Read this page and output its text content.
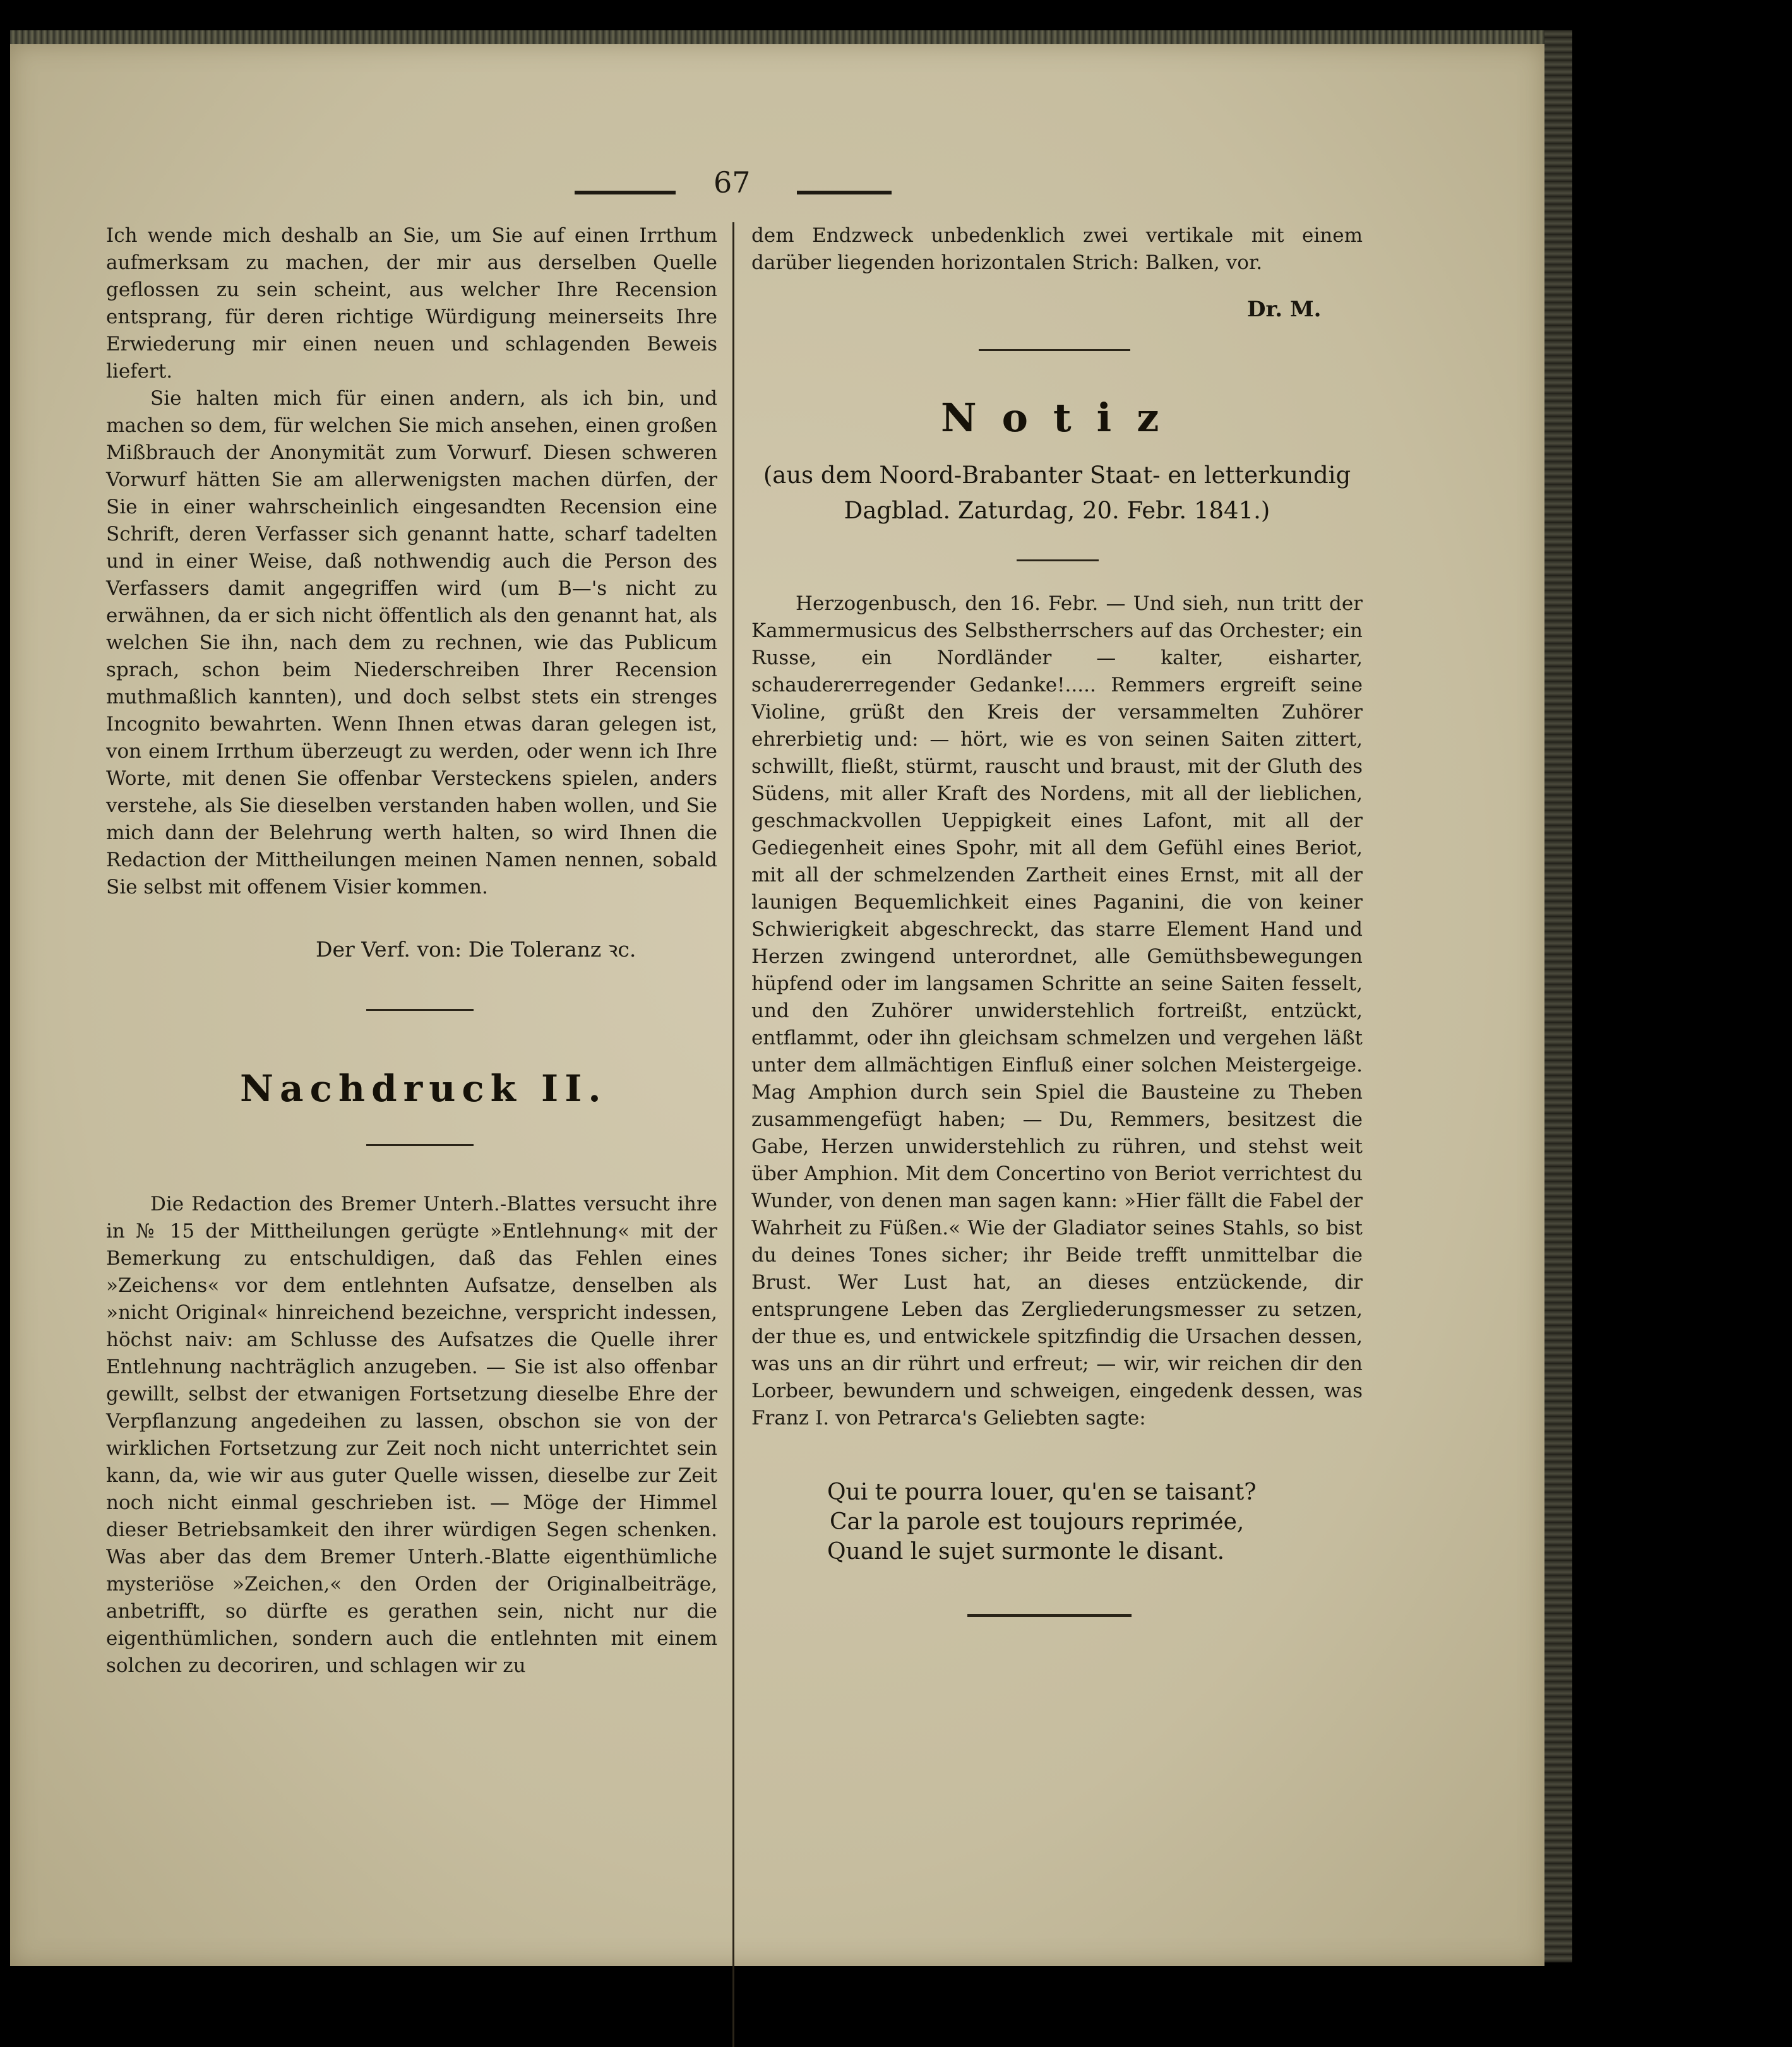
67

Ich wende mich deshalb an Sie, um Sie auf einen Irrthum aufmerksam zu machen, der mir aus derselben Quelle geflossen zu sein scheint, aus welcher Ihre Recension entsprang, für deren richtige Würdigung meinerseits Ihre Erwiederung mir einen neuen und schlagenden Beweis liefert.

Sie halten mich für einen andern, als ich bin, und machen so dem, für welchen Sie mich ansehen, einen großen Mißbrauch der Anonymität zum Vorwurf. Diesen schweren Vorwurf hätten Sie am allerwenigsten machen dürfen, der Sie in einer wahrscheinlich eingesandten Recension eine Schrift, deren Verfasser sich genannt hatte, scharf tadelten und in einer Weise, daß nothwendig auch die Person des Verfassers damit angegriffen wird (um B—'s nicht zu erwähnen, da er sich nicht öffentlich als den genannt hat, als welchen Sie ihn, nach dem zu rechnen, wie das Publicum sprach, schon beim Niederschreiben Ihrer Recension muthmaßlich kannten), und doch selbst stets ein strenges Incognito bewahrten. Wenn Ihnen etwas daran gelegen ist, von einem Irrthum überzeugt zu werden, oder wenn ich Ihre Worte, mit denen Sie offenbar Versteckens spielen, anders verstehe, als Sie dieselben verstanden haben wollen, und Sie mich dann der Belehrung werth halten, so wird Ihnen die Redaction der Mittheilungen meinen Namen nennen, sobald Sie selbst mit offenem Visier kommen.

Der Verf. von: Die Toleranz ꝛc.
Nachdruck II.

Die Redaction des Bremer Unterh.-Blattes versucht ihre in № 15 der Mittheilungen gerügte »Entlehnung« mit der Bemerkung zu entschuldigen, daß das Fehlen eines »Zeichens« vor dem entlehnten Aufsatze, denselben als »nicht Original« hinreichend bezeichne, verspricht indessen, höchst naiv: am Schlusse des Aufsatzes die Quelle ihrer Entlehnung nachträglich anzugeben. — Sie ist also offenbar gewillt, selbst der etwanigen Fortsetzung dieselbe Ehre der Verpflanzung angedeihen zu lassen, obschon sie von der wirklichen Fortsetzung zur Zeit noch nicht unterrichtet sein kann, da, wie wir aus guter Quelle wissen, dieselbe zur Zeit noch nicht einmal geschrieben ist. — Möge der Himmel dieser Betriebsamkeit den ihrer würdigen Segen schenken. Was aber das dem Bremer Unterh.-Blatte eigenthümliche mysteriöse »Zeichen,« den Orden der Originalbeiträge, anbetrifft, so dürfte es gerathen sein, nicht nur die eigenthümlichen, sondern auch die entlehnten mit einem solchen zu decoriren, und schlagen wir zu

dem Endzweck unbedenklich zwei vertikale mit einem darüber liegenden horizontalen Strich: Balken, vor.

Dr. M.
Notiz
(aus dem Noord-Brabanter Staat- en letterkundig Dagblad. Zaturdag, 20. Febr. 1841.)

Herzogenbusch, den 16. Febr. — Und sieh, nun tritt der Kammermusicus des Selbstherrschers auf das Orchester; ein Russe, ein Nordländer — kalter, eisharter, schaudererregender Gedanke!..... Remmers ergreift seine Violine, grüßt den Kreis der versammelten Zuhörer ehrerbietig und: — hört, wie es von seinen Saiten zittert, schwillt, fließt, stürmt, rauscht und braust, mit der Gluth des Südens, mit aller Kraft des Nordens, mit all der lieblichen, geschmackvollen Ueppigkeit eines Lafont, mit all der Gediegenheit eines Spohr, mit all dem Gefühl eines Beriot, mit all der schmelzenden Zartheit eines Ernst, mit all der launigen Bequemlichkeit eines Paganini, die von keiner Schwierigkeit abgeschreckt, das starre Element Hand und Herzen zwingend unterordnet, alle Gemüthsbewegungen hüpfend oder im langsamen Schritte an seine Saiten fesselt, und den Zuhörer unwiderstehlich fortreißt, entzückt, entflammt, oder ihn gleichsam schmelzen und vergehen läßt unter dem allmächtigen Einfluß einer solchen Meistergeige. Mag Amphion durch sein Spiel die Bausteine zu Theben zusammengefügt haben; — Du, Remmers, besitzest die Gabe, Herzen unwiderstehlich zu rühren, und stehst weit über Amphion. Mit dem Concertino von Beriot verrichtest du Wunder, von denen man sagen kann: »Hier fällt die Fabel der Wahrheit zu Füßen.« Wie der Gladiator seines Stahls, so bist du deines Tones sicher; ihr Beide trefft unmittelbar die Brust. Wer Lust hat, an dieses entzückende, dir entsprungene Leben das Zergliederungsmesser zu setzen, der thue es, und entwickele spitzfindig die Ursachen dessen, was uns an dir rührt und erfreut; — wir, wir reichen dir den Lorbeer, bewundern und schweigen, eingedenk dessen, was Franz I. von Petrarca's Geliebten sagte:

Qui te pourra louer, qu'en se taisant?
Car la parole est toujours reprimée,
Quand le sujet surmonte le disant.
